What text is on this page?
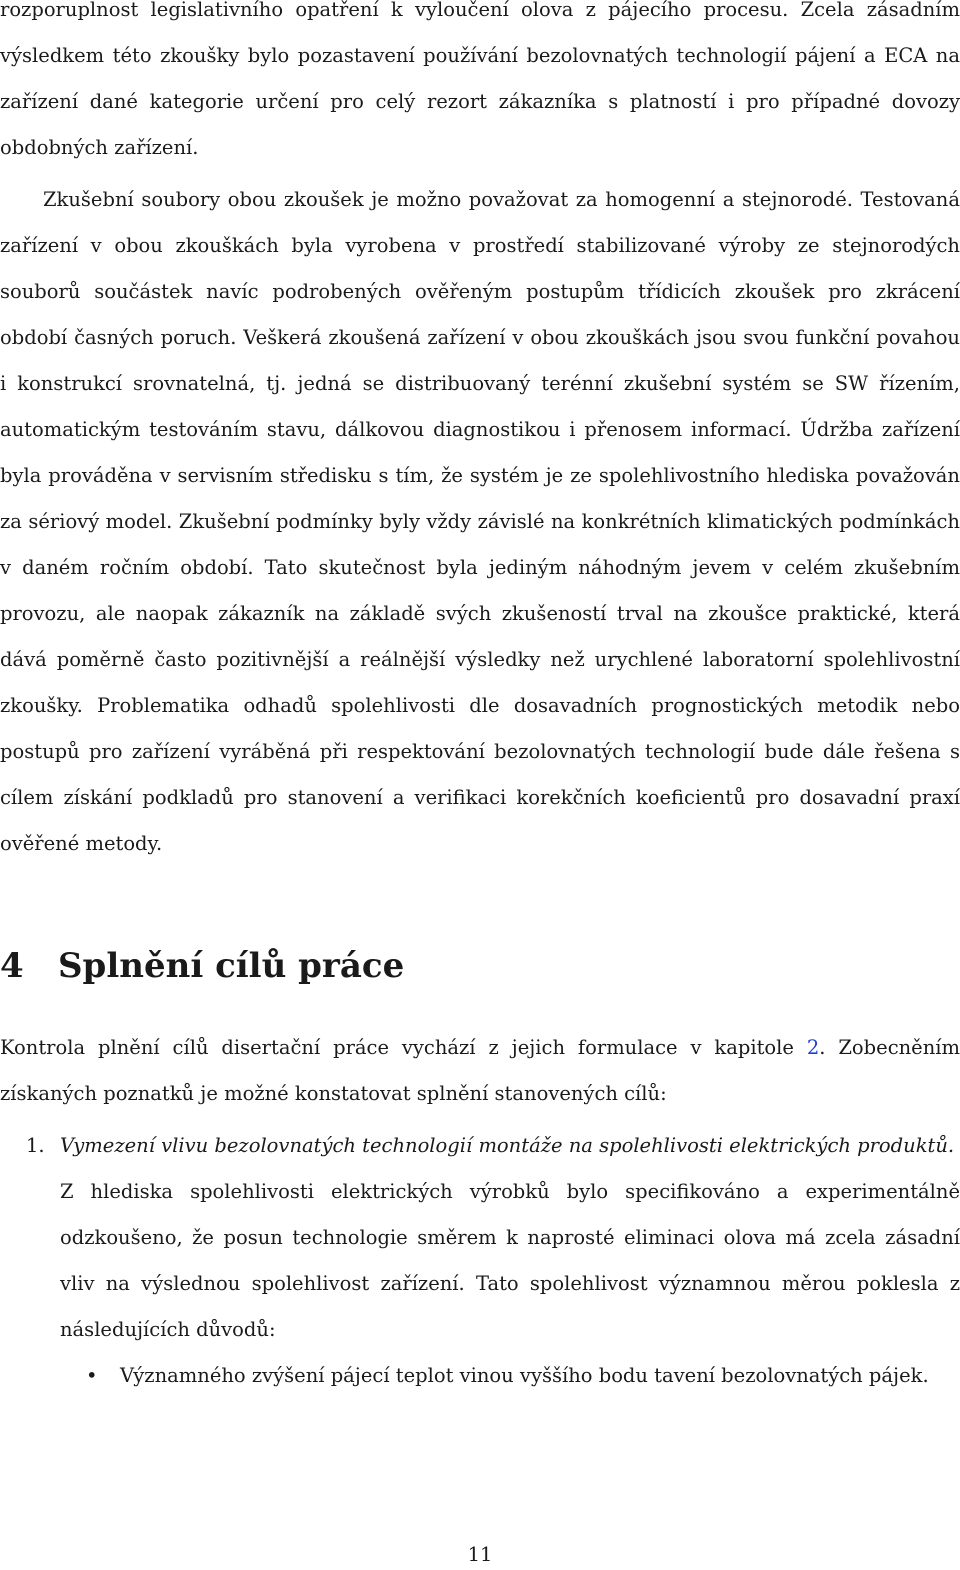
rozporuplnost legislativního opatření k vyloučení olova z pájecího procesu. Zcela zásadním výsledkem této zkoušky bylo pozastavení používání bezolovnatých technologií pájení a ECA na zařízení dané kategorie určení pro celý rezort zákazníka s platností i pro případné dovozy obdobných zařízení.

Zkušební soubory obou zkoušek je možno považovat za homogenní a stejnorodé. Testovaná zařízení v obou zkouškách byla vyrobena v prostředí stabilizované výroby ze stejnorodých souborů součástek navíc podrobených ověřeným postupům třídicích zkoušek pro zkrácení období časných poruch. Veškerá zkoušená zařízení v obou zkouškách jsou svou funkční povahou i konstrukcí srovnatelná, tj. jedná se distribuovaný terénní zkušební systém se SW řízením, automatickým testováním stavu, dálkovou diagnostikou i přenosem informací. Údržba zařízení byla prováděna v servisním středisku s tím, že systém je ze spolehlivostního hlediska považován za sériový model. Zkušební podmínky byly vždy závislé na konkrétních klimatických podmínkách v daném ročním období. Tato skutečnost byla jediným náhodným jevem v celém zkušebním provozu, ale naopak zákazník na základě svých zkušeností trval na zkoušce praktické, která dává poměrně často pozitivnější a reálnější výsledky než urychlené laboratorní spolehlivostní zkoušky. Problematika odhadů spolehlivosti dle dosavadních prognostických metodik nebo postupů pro zařízení vyráběná při respektování bezolovnatých technologií bude dále řešena s cílem získání podkladů pro stanovení a verifikaci korekčních koeficientů pro dosavadní praxí ověřené metody.

4 Splnění cílů práce

Kontrola plnění cílů disertační práce vychází z jejich formulace v kapitole 2. Zobecněním získaných poznatků je možné konstatovat splnění stanovených cílů:

1. Vymezení vlivu bezolovnatých technologií montáže na spolehlivosti elektrických produktů.

Z hlediska spolehlivosti elektrických výrobků bylo specifikováno a experimentálně odzkoušeno, že posun technologie směrem k naprosté eliminaci olova má zcela zásadní vliv na výslednou spolehlivost zařízení. Tato spolehlivost významnou měrou poklesla z následujících důvodů:

• Významného zvýšení pájecí teplot vinou vyššího bodu tavení bezolovnatých pájek.

11
